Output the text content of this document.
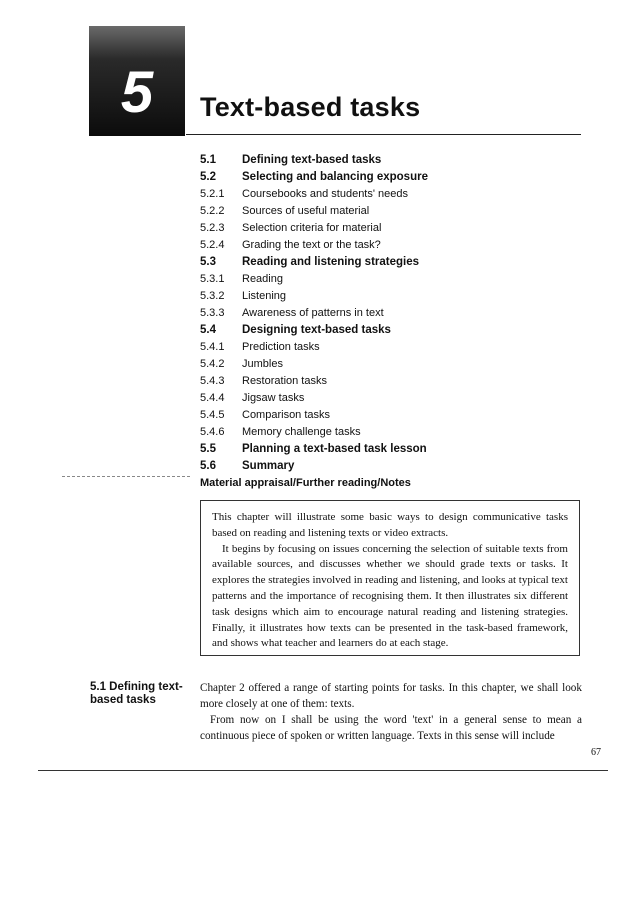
5	Text-based tasks
5.1 Defining text-based tasks
5.2 Selecting and balancing exposure
5.2.1 Coursebooks and students' needs
5.2.2 Sources of useful material
5.2.3 Selection criteria for material
5.2.4 Grading the text or the task?
5.3 Reading and listening strategies
5.3.1 Reading
5.3.2 Listening
5.3.3 Awareness of patterns in text
5.4 Designing text-based tasks
5.4.1 Prediction tasks
5.4.2 Jumbles
5.4.3 Restoration tasks
5.4.4 Jigsaw tasks
5.4.5 Comparison tasks
5.4.6 Memory challenge tasks
5.5 Planning a text-based task lesson
5.6 Summary
Material appraisal/Further reading/Notes

This chapter will illustrate some basic ways to design communicative tasks based on reading and listening texts or video extracts.

It begins by focusing on issues concerning the selection of suitable texts from available sources, and discusses whether we should grade texts or tasks. It explores the strategies involved in reading and listening, and looks at typical text patterns and the importance of recognising them. It then illustrates six different task designs which aim to encourage natural reading and listening strategies. Finally, it illustrates how texts can be presented in the task-based framework, and shows what teacher and learners do at each stage.

5.1 Defining text-based tasks

Chapter 2 offered a range of starting points for tasks. In this chapter, we shall look more closely at one of them: texts.

From now on I shall be using the word 'text' in a general sense to mean a continuous piece of spoken or written language. Texts in this sense will include

67
